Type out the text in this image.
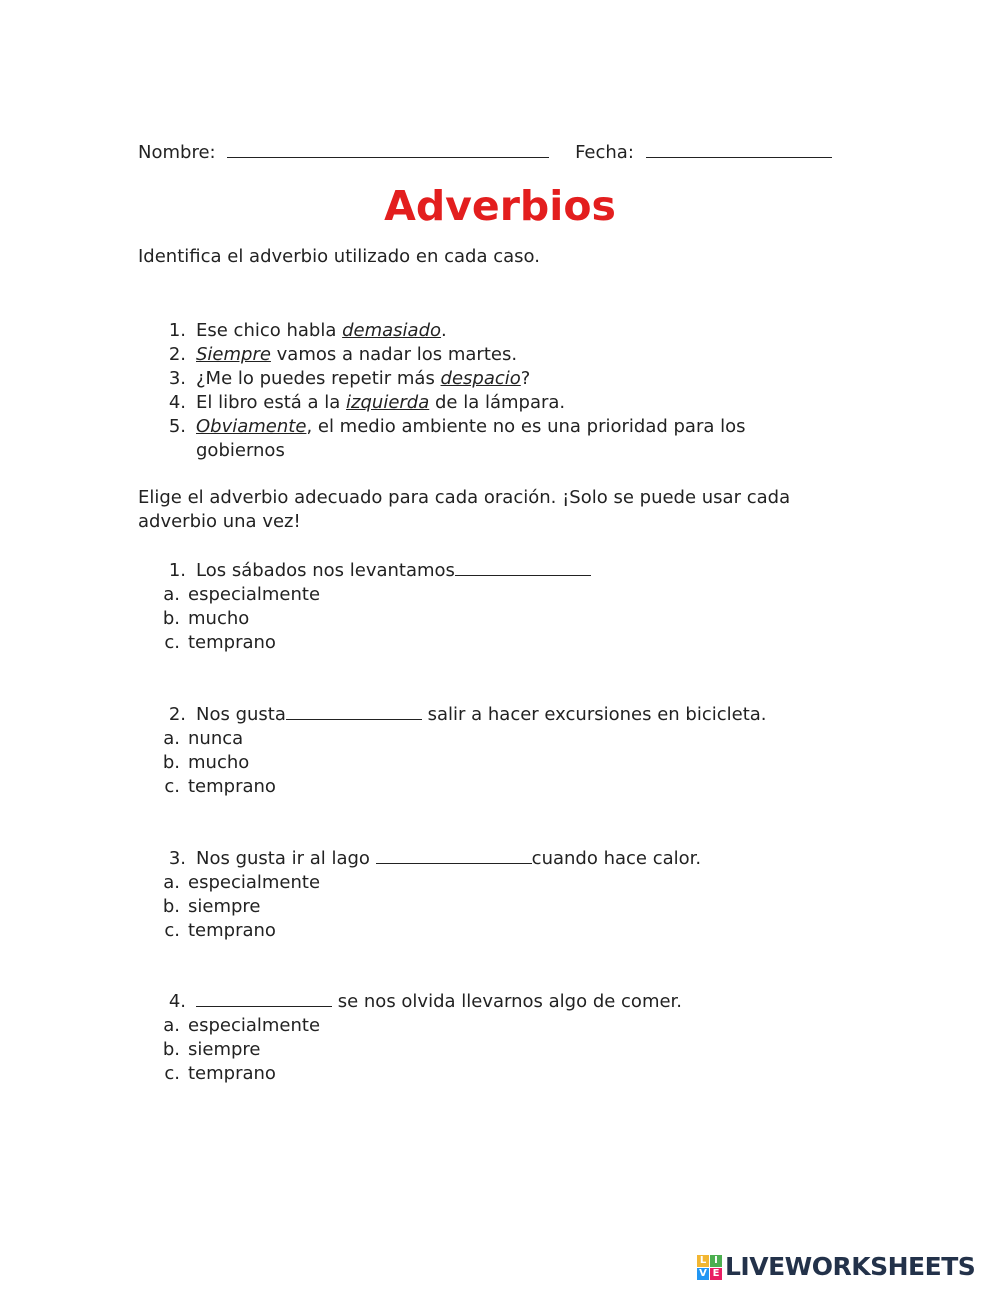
Nombre:	Fecha:
Adverbios
Identifica el adverbio utilizado en cada caso.
1. Ese chico habla demasiado.
2. Siempre vamos a nadar los martes.
3. ¿Me lo puedes repetir más despacio?
4. El libro está a la izquierda de la lámpara.
5. Obviamente, el medio ambiente no es una prioridad para los
gobiernos
Elige el adverbio adecuado para cada oración. ¡Solo se puede usar cada
adverbio una vez!
1. Los sábados nos levantamos
a. especialmente
b. mucho
c. temprano
2. Nos gusta	salir a hacer excursiones en bicicleta.
a. nunca
b. mucho
c. temprano
3. Nos gusta ir al lago	cuando hace calor.
a. especialmente
b. siempre
c. temprano
4.	se nos olvida llevarnos algo de comer.
a. especialmente
b. siempre
c. temprano
L I
V E LIVEWORKSHEETS
